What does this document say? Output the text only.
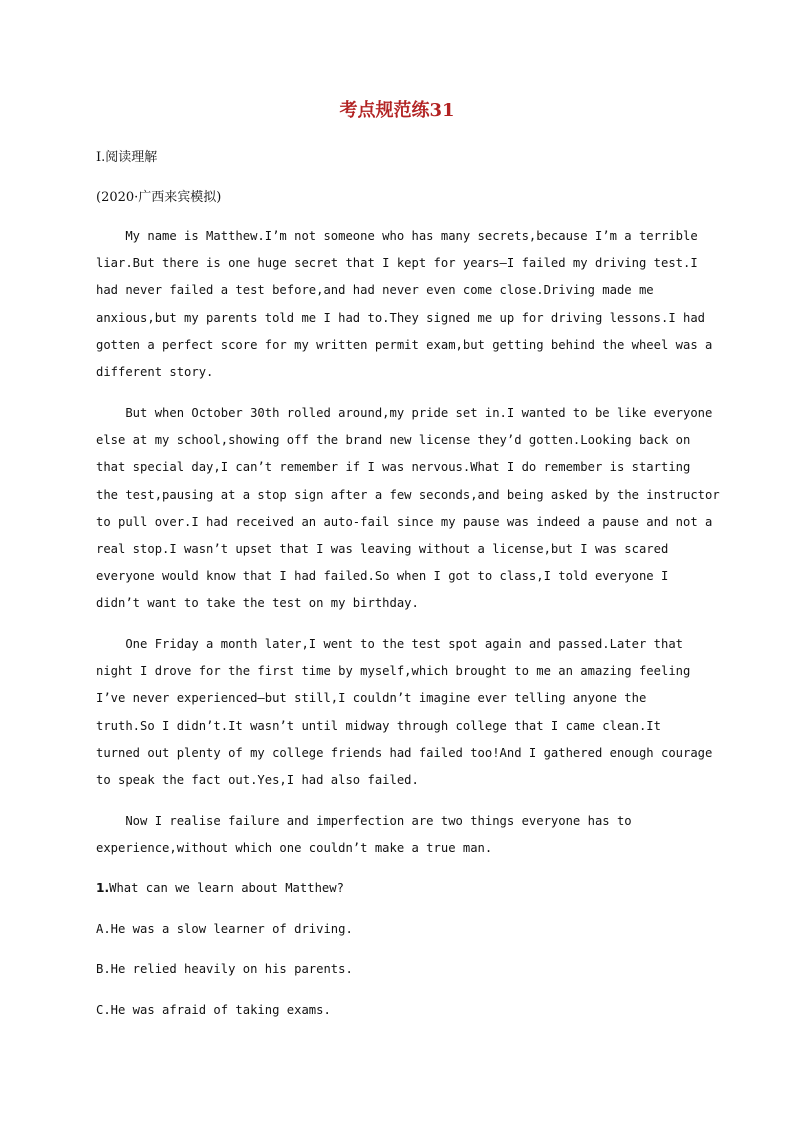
考点规范练31
Ⅰ.阅读理解
(2020·广西来宾模拟)
My name is Matthew.I’m not someone who has many secrets,because I’m a terrible
liar.But there is one huge secret that I kept for years—I failed my driving test.I
had never failed a test before,and had never even come close.Driving made me
anxious,but my parents told me I had to.They signed me up for driving lessons.I had
gotten a perfect score for my written permit exam,but getting behind the wheel was a
different story.
But when October 30th rolled around,my pride set in.I wanted to be like everyone
else at my school,showing off the brand new license they’d gotten.Looking back on
that special day,I can’t remember if I was nervous.What I do remember is starting
the test,pausing at a stop sign after a few seconds,and being asked by the instructor
to pull over.I had received an auto-fail since my pause was indeed a pause and not a
real stop.I wasn’t upset that I was leaving without a license,but I was scared
everyone would know that I had failed.So when I got to class,I told everyone I
didn’t want to take the test on my birthday.
One Friday a month later,I went to the test spot again and passed.Later that
night I drove for the first time by myself,which brought to me an amazing feeling
I’ve never experienced—but still,I couldn’t imagine ever telling anyone the
truth.So I didn’t.It wasn’t until midway through college that I came clean.It
turned out plenty of my college friends had failed too!And I gathered enough courage
to speak the fact out.Yes,I had also failed.
Now I realise failure and imperfection are two things everyone has to
experience,without which one couldn’t make a true man.
1.What can we learn about Matthew?
A.He was a slow learner of driving.
B.He relied heavily on his parents.
C.He was afraid of taking exams.
